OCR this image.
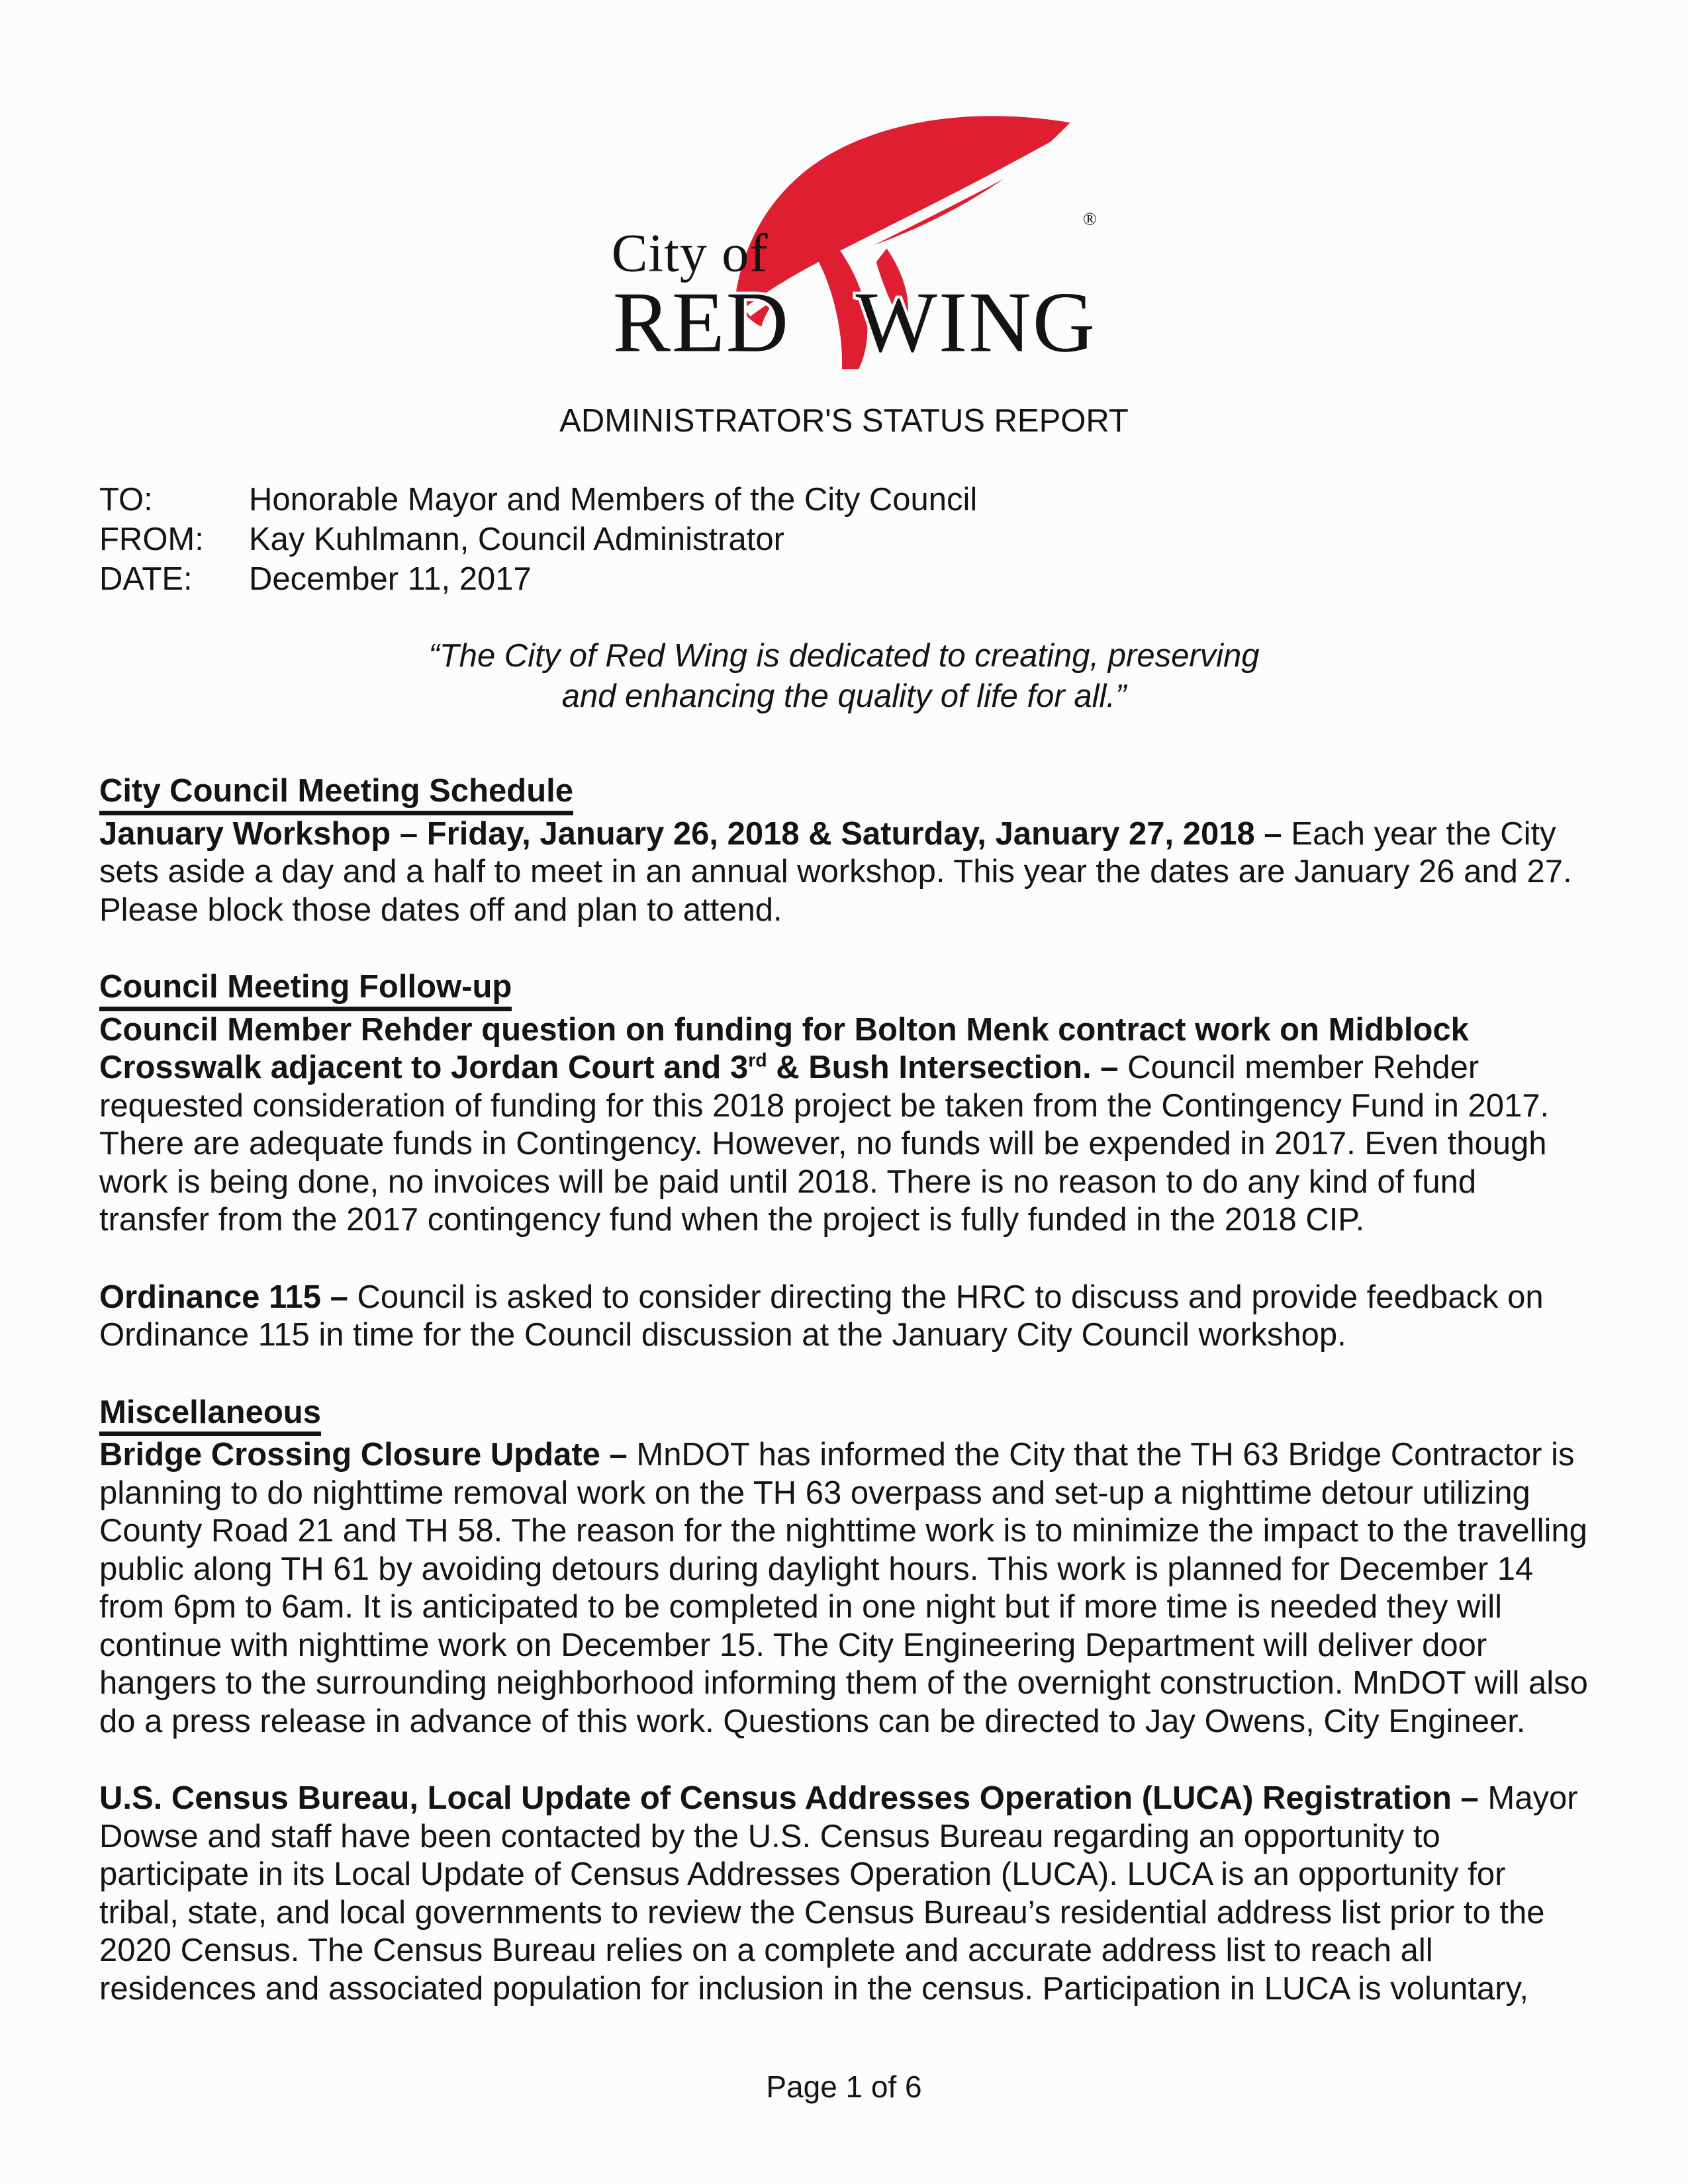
City of
RED WING
®
ADMINISTRATOR'S STATUS REPORT
TO:	Honorable Mayor and Members of the City Council
FROM:	Kay Kuhlmann, Council Administrator
DATE:	December 11, 2017
“The City of Red Wing is dedicated to creating, preserving
and enhancing the quality of life for all.”
City Council Meeting Schedule

January Workshop – Friday, January 26, 2018 & Saturday, January 27, 2018 – Each year the City sets aside a day and a half to meet in an annual workshop. This year the dates are January 26 and 27. Please block those dates off and plan to attend.

Council Meeting Follow-up

Council Member Rehder question on funding for Bolton Menk contract work on Midblock Crosswalk adjacent to Jordan Court and 3rd & Bush Intersection. – Council member Rehder requested consideration of funding for this 2018 project be taken from the Contingency Fund in 2017. There are adequate funds in Contingency. However, no funds will be expended in 2017. Even though work is being done, no invoices will be paid until 2018. There is no reason to do any kind of fund transfer from the 2017 contingency fund when the project is fully funded in the 2018 CIP.

Ordinance 115 – Council is asked to consider directing the HRC to discuss and provide feedback on Ordinance 115 in time for the Council discussion at the January City Council workshop.

Miscellaneous

Bridge Crossing Closure Update – MnDOT has informed the City that the TH 63 Bridge Contractor is planning to do nighttime removal work on the TH 63 overpass and set-up a nighttime detour utilizing County Road 21 and TH 58. The reason for the nighttime work is to minimize the impact to the travelling public along TH 61 by avoiding detours during daylight hours. This work is planned for December 14 from 6pm to 6am. It is anticipated to be completed in one night but if more time is needed they will continue with nighttime work on December 15. The City Engineering Department will deliver door hangers to the surrounding neighborhood informing them of the overnight construction. MnDOT will also do a press release in advance of this work. Questions can be directed to Jay Owens, City Engineer.

U.S. Census Bureau, Local Update of Census Addresses Operation (LUCA) Registration – Mayor Dowse and staff have been contacted by the U.S. Census Bureau regarding an opportunity to participate in its Local Update of Census Addresses Operation (LUCA). LUCA is an opportunity for tribal, state, and local governments to review the Census Bureau’s residential address list prior to the 2020 Census. The Census Bureau relies on a complete and accurate address list to reach all residences and associated population for inclusion in the census. Participation in LUCA is voluntary,

Page 1 of 6
